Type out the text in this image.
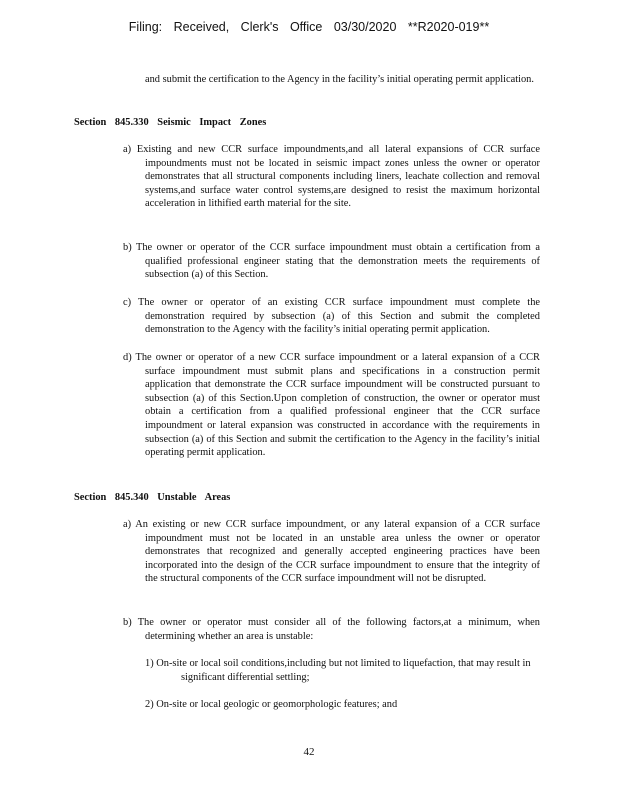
Filing: Received, Clerk's Office 03/30/2020 **R2020-019**
and submit the certification to the Agency in the facility’s initial operating permit application.
Section 845.330 Seismic Impact Zones
a) Existing and new CCR surface impoundments,and all lateral expansions of CCR surface impoundments must not be located in seismic impact zones unless the owner or operator demonstrates that all structural components including liners, leachate collection and removal systems,and surface water control systems,are designed to resist the maximum horizontal acceleration in lithified earth material for the site.
b) The owner or operator of the CCR surface impoundment must obtain a certification from a qualified professional engineer stating that the demonstration meets the requirements of subsection (a) of this Section.
c) The owner or operator of an existing CCR surface impoundment must complete the demonstration required by subsection (a) of this Section and submit the completed demonstration to the Agency with the facility’s initial operating permit application.
d) The owner or operator of a new CCR surface impoundment or a lateral expansion of a CCR surface impoundment must submit plans and specifications in a construction permit application that demonstrate the CCR surface impoundment will be constructed pursuant to subsection (a) of this Section.Upon completion of construction, the owner or operator must obtain a certification from a qualified professional engineer that the CCR surface impoundment or lateral expansion was constructed in accordance with the requirements in subsection (a) of this Section and submit the certification to the Agency in the facility’s initial operating permit application.
Section 845.340 Unstable Areas
a) An existing or new CCR surface impoundment, or any lateral expansion of a CCR surface impoundment must not be located in an unstable area unless the owner or operator demonstrates that recognized and generally accepted engineering practices have been incorporated into the design of the CCR surface impoundment to ensure that the integrity of the structural components of the CCR surface impoundment will not be disrupted.
b) The owner or operator must consider all of the following factors,at a minimum, when determining whether an area is unstable:
1) On-site or local soil conditions,including but not limited to liquefaction, that may result in significant differential settling;
2) On-site or local geologic or geomorphologic features; and
42
